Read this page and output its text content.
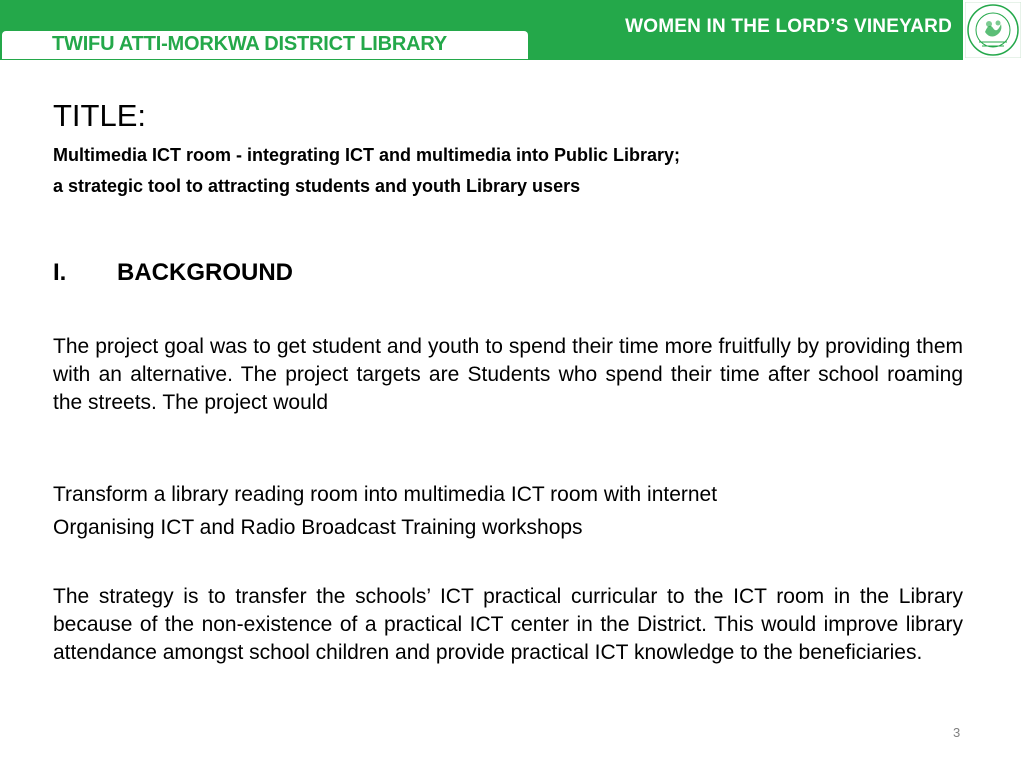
WOMEN IN THE LORD’S VINEYARD
TWIFU ATTI-MORKWA DISTRICT LIBRARY
TITLE:
Multimedia ICT room - integrating ICT and multimedia into Public Library;
a strategic tool to attracting students and youth Library users
I. BACKGROUND
The project goal was to get student and youth to spend their time more fruitfully by providing them with an alternative. The project targets are Students who spend their time after school roaming the streets. The project would
Transform a library reading room into multimedia ICT room with internet
Organising ICT and Radio Broadcast Training workshops
The strategy is to transfer the schools’ ICT practical curricular to the ICT room in the Library because of the non-existence of a practical ICT center in the District. This would improve library attendance amongst school children and provide practical ICT knowledge to the beneficiaries.
3
